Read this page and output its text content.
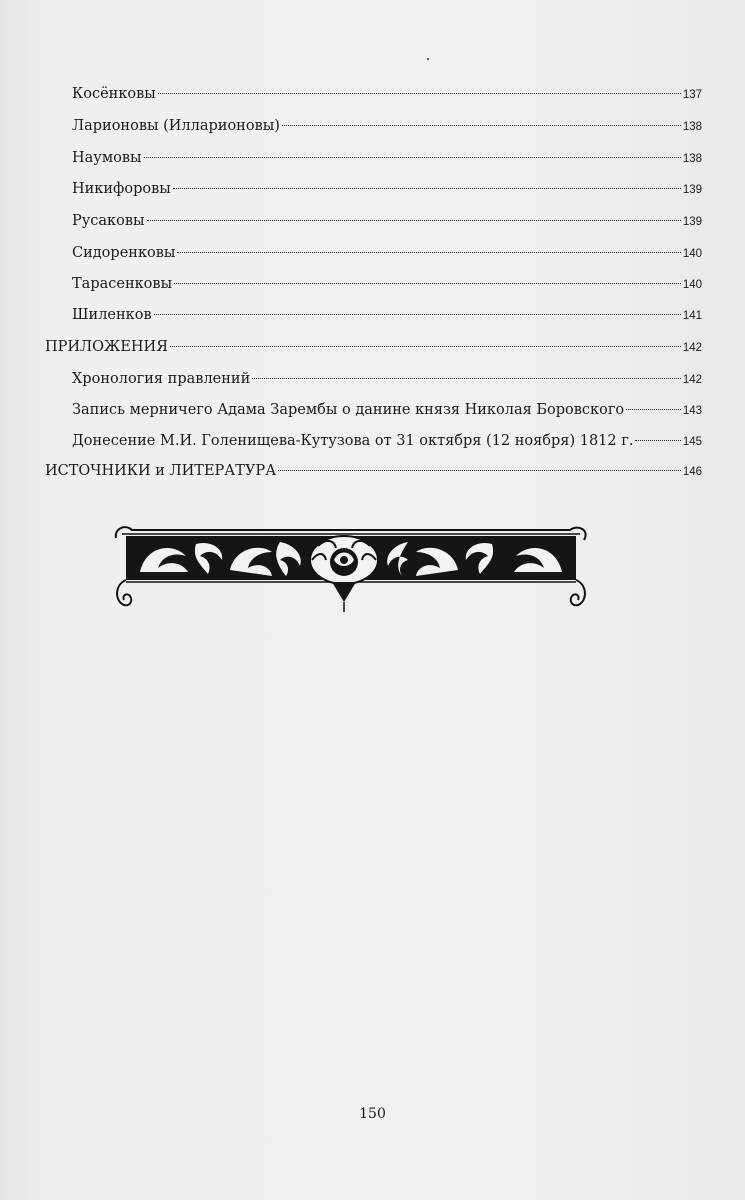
Косёнковы	137
Ларионовы (Илларионовы)	138
Наумовы	138
Никифоровы	139
Русаковы	139
Сидоренковы	140
Тарасенковы	140
Шиленков	141
ПРИЛОЖЕНИЯ	142
Хронология правлений	142
Запись мерничего Адама Зарембы о данине князя Николая Боровского	143
Донесение М.И. Голенищева-Кутузова от 31 октября (12 ноября) 1812 г.	145
ИСТОЧНИКИ и ЛИТЕРАТУРА	146
150
